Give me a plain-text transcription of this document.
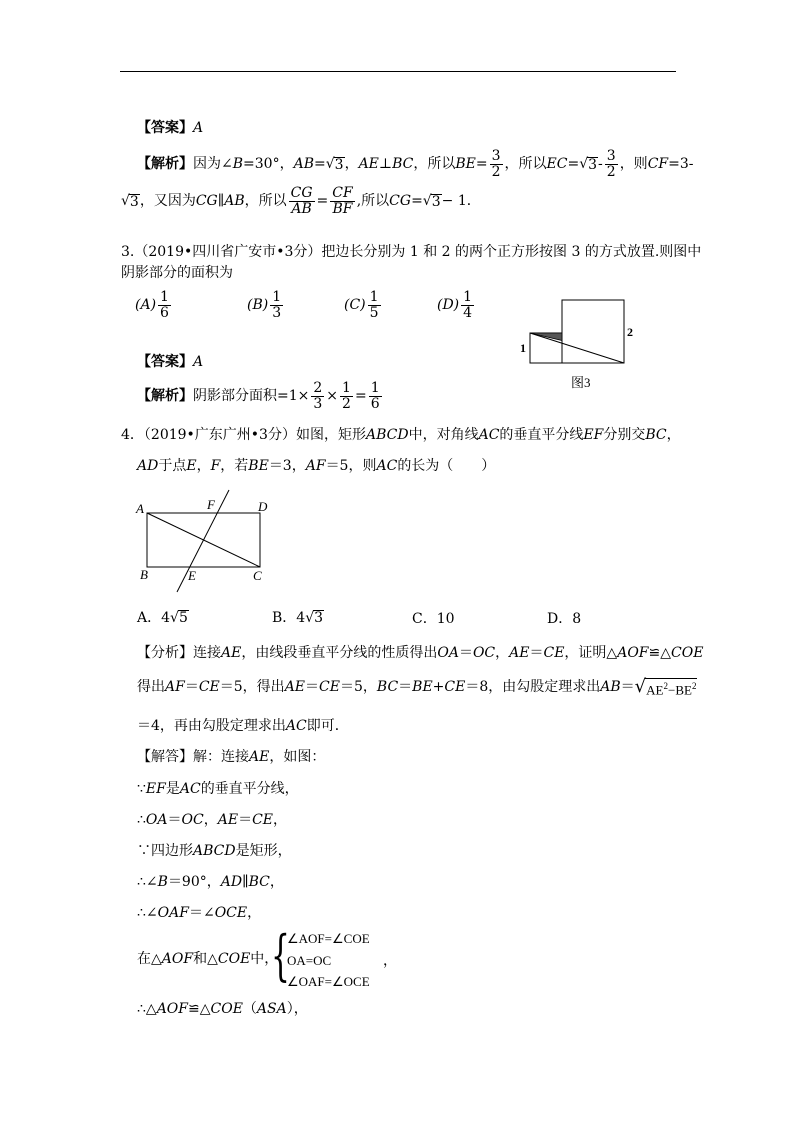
【答案】A
【解析】 因为∠ B =30°， AB = √ 3 ， AE ⊥ BC ，所以 BE = $\frac{3}{2}$ ，所以 EC = √ $3 - \frac{3}{2}$ ，则 CF =3-
√ 3 ，又因为 CG ∥ AB ，所以 $\frac{CG}{AB} = \frac{CF}{BF}$ ,所以 CG = √ 3 − 1．
3.（2019•四川省广安市•3分）把边长分别为 1 和 2 的两个正方形按图 3 的方式放置.则图中
阴影部分的面积为
$(A) \frac{1}{6}$	$(B) \frac{1}{3}$	$(C) \frac{1}{5}$	$(D) \frac{1}{4}$
1
2
图3
【答案】A
【解析】 阴影部分面积$=1\times \frac{2}{3} \times \frac{1}{2} = \frac{1}{6}$
4．（2019•广东广州•3分）如图，矩形ABCD中，对角线AC的垂直平分线EF分别交BC，
AD于点E，F，若BE＝3，AF＝5，则AC的长为（　　）
A	F	D
B	E	C
A．4 √ 5	B．4 √ 3	C．10	D．8
【分析】连接AE，由线段垂直平分线的性质得出OA＝OC，AE＝CE，证明△AOF≌△COE
得出 AF ＝ CE ＝5，得出 AE ＝ CE ＝5， BC ＝ BE + CE ＝8，由勾股定理求出 AB ＝ √ $AE^2-BE^2$
＝4，再由勾股定理求出AC即可．
【解答】解：连接AE，如图：
∵EF是AC的垂直平分线，
∴OA＝OC，AE＝CE，
∵四边形ABCD是矩形，
∴∠B＝90°，AD∥BC，
∴∠OAF＝∠OCE，
在△AOF和△COE中，
{
∠AOF=∠COE
OA=OC
∠OAF=∠OCE
，
∴△AOF≌△COE（ASA），
